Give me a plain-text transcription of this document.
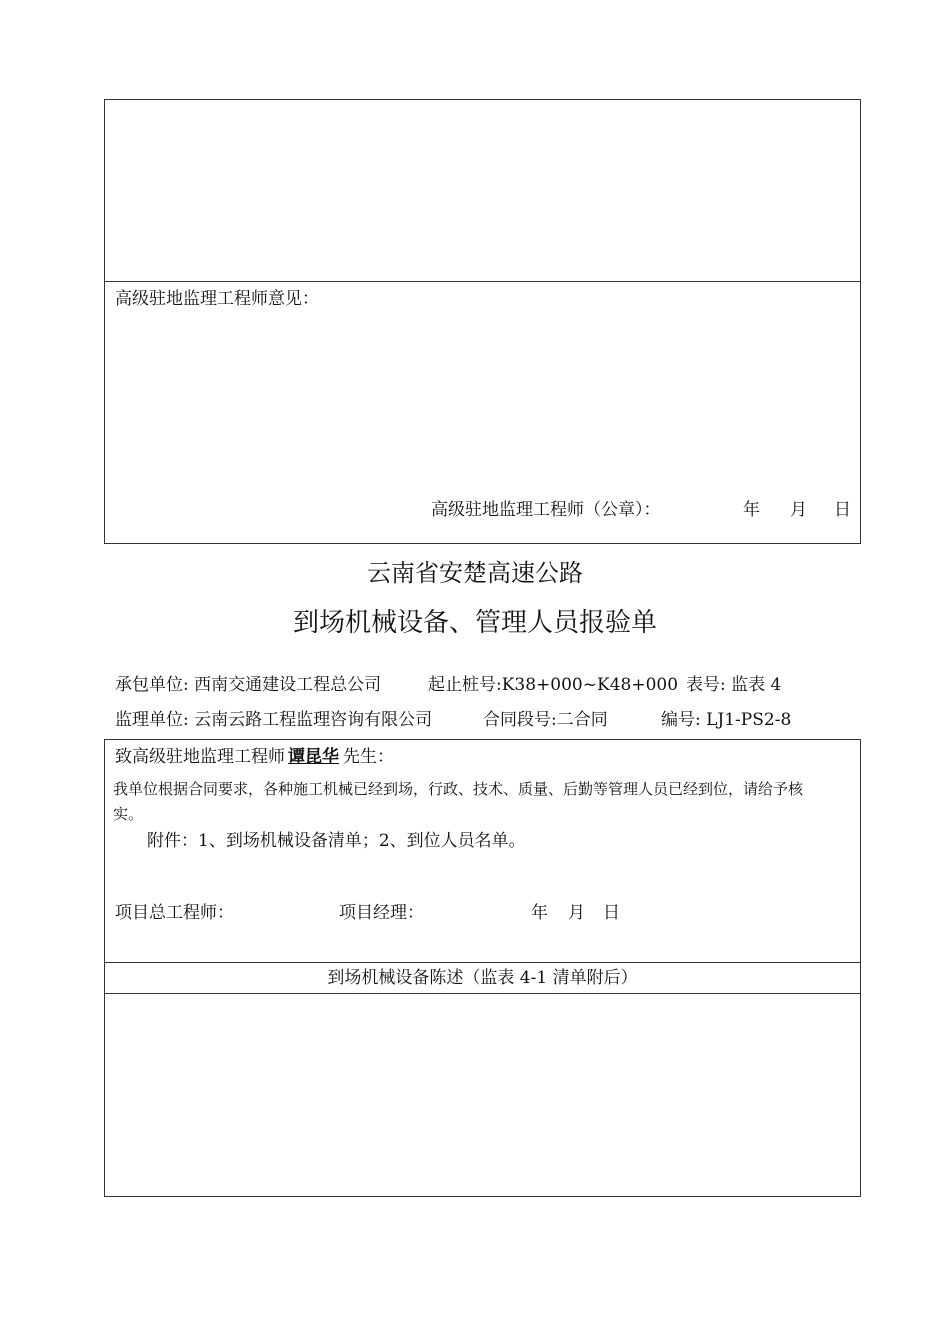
高级驻地监理工程师意见：
高级驻地监理工程师（公章）：	年 月 日
云南省安楚高速公路
到场机械设备、管理人员报验单
承包单位: 西南交通建设工程总公司	起止桩号:K38+000~K48+000 表号: 监表 4
监理单位: 云南云路工程监理咨询有限公司	合同段号:二合同	编号: LJ1-PS2-8
致高级驻地监理工程师 谭昆华 先生：
我单位根据合同要求，各种施工机械已经到场，行政、技术、质量、后勤等管理人员已经到位，请给予核
实。
附件：1、到场机械设备清单；2、到位人员名单。
项目总工程师：	项目经理：	年 月 日
到场机械设备陈述（监表 4-1 清单附后）
